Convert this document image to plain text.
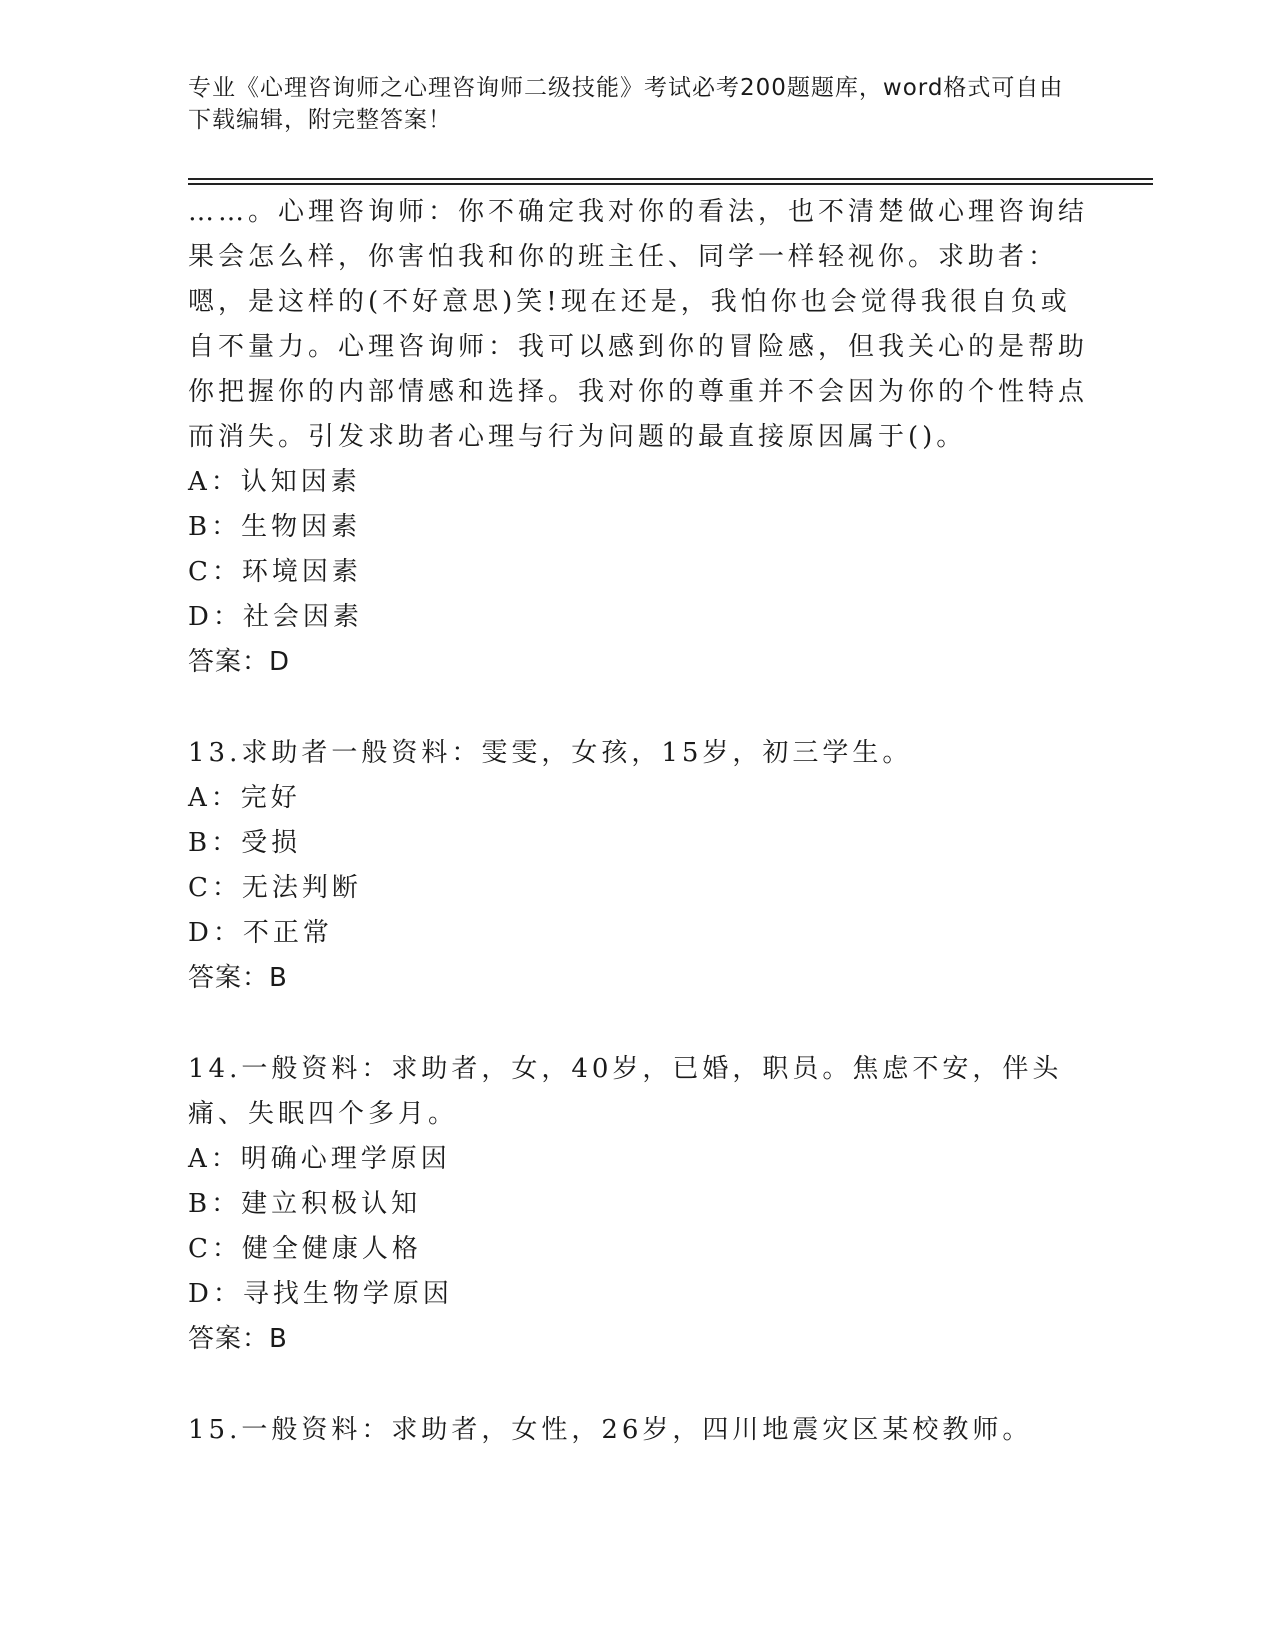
专业《心理咨询师之心理咨询师二级技能》考试必考200题题库，word格式可自由下载编辑，附完整答案！

……。心理咨询师：你不确定我对你的看法，也不清楚做心理咨询结果会怎么样，你害怕我和你的班主任、同学一样轻视你。求助者：嗯，是这样的(不好意思)笑!现在还是，我怕你也会觉得我很自负或自不量力。心理咨询师：我可以感到你的冒险感，但我关心的是帮助你把握你的内部情感和选择。我对你的尊重并不会因为你的个性特点而消失。引发求助者心理与行为问题的最直接原因属于()。

A：认知因素

B：生物因素

C：环境因素

D：社会因素

答案：D

13.求助者一般资料：雯雯，女孩，15岁，初三学生。

A：完好

B：受损

C：无法判断

D：不正常

答案：B

14.一般资料：求助者，女，40岁，已婚，职员。焦虑不安，伴头痛、失眠四个多月。

A：明确心理学原因

B：建立积极认知

C：健全健康人格

D：寻找生物学原因

答案：B

15.一般资料：求助者，女性，26岁，四川地震灾区某校教师。
